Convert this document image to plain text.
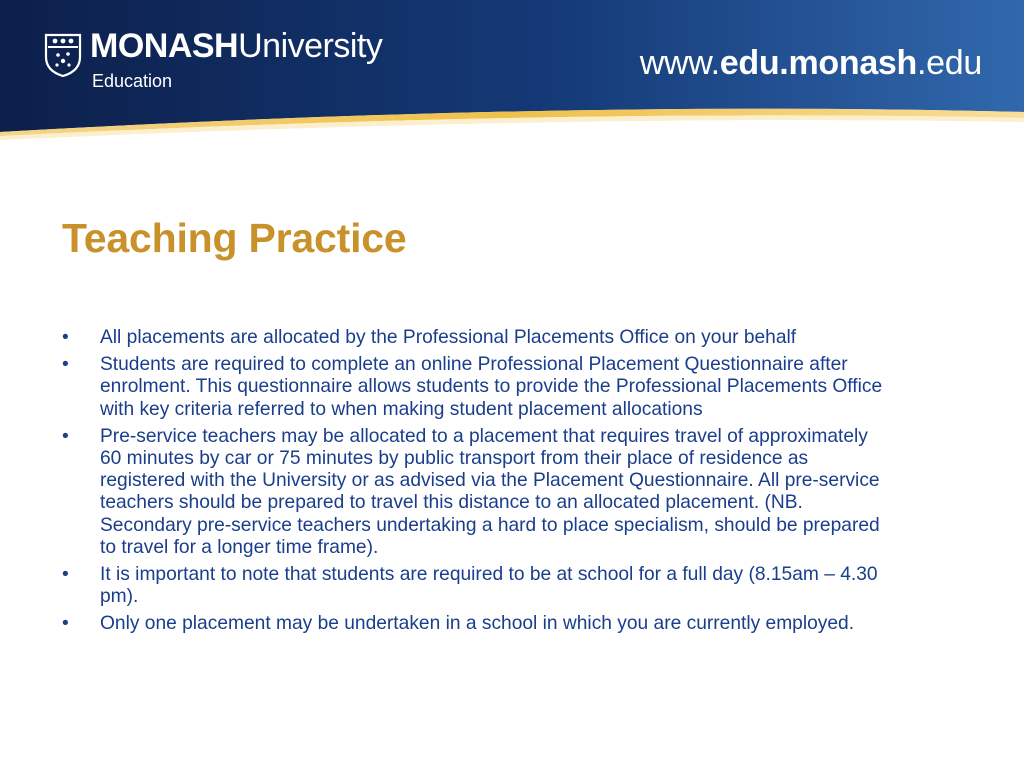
MONASHUniversity
Education	www.edu.monash.edu
Teaching Practice
•	All placements are allocated by the Professional Placements Office on your behalf
•	Students are required to complete an online Professional Placement Questionnaire after enrolment. This questionnaire allows students to provide the Professional Placements Office with key criteria referred to when making student placement allocations
•	Pre-service teachers may be allocated to a placement that requires travel of approximately 60 minutes by car or 75 minutes by public transport from their place of residence as registered with the University or as advised via the Placement Questionnaire. All pre-service teachers should be prepared to travel this distance to an allocated placement. (NB. Secondary pre-service teachers undertaking a hard to place specialism, should be prepared to travel for a longer time frame).
•	It is important to note that students are required to be at school for a full day (8.15am – 4.30 pm).
•	Only one placement may be undertaken in a school in which you are currently employed.
